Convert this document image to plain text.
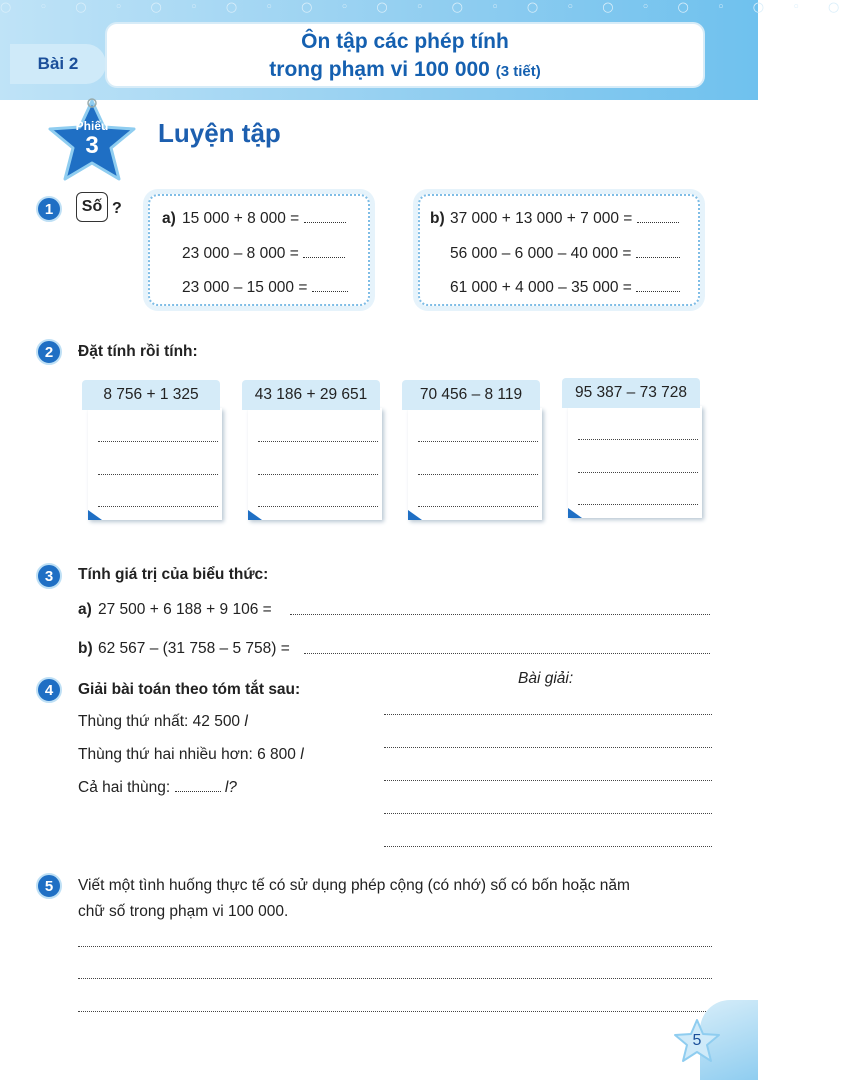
○ ◦ ○ ◦ ○ ◦ ○ ◦ ○ ◦ ○ ◦ ○ ◦ ○ ◦ ○ ◦ ○ ◦ ○ ◦ ○
Bài 2
Ôn tập các phép tính
trong phạm vi 100 000 (3 tiết)
Phiếu
3	Luyện tập
1	Số ?
a) 15 000 + 8 000 =
23 000 – 8 000 =
23 000 – 15 000 =
b) 37 000 + 13 000 + 7 000 =
56 000 – 6 000 – 40 000 =
61 000 + 4 000 – 35 000 =
2	Đặt tính rồi tính:
8 756 + 1 325	43 186 + 29 651	70 456 – 8 119	95 387 – 73 728
3	Tính giá trị của biểu thức:
a) 27 500 + 6 188 + 9 106 =
b) 62 567 – (31 758 – 5 758) =
4	Giải bài toán theo tóm tắt sau:
Bài giải:
Thùng thứ nhất: 42 500 l
Thùng thứ hai nhiều hơn: 6 800 l
Cả hai thùng:	l?
5	Viết một tình huống thực tế có sử dụng phép cộng (có nhớ) số có bốn hoặc năm
chữ số trong phạm vi 100 000.
5
